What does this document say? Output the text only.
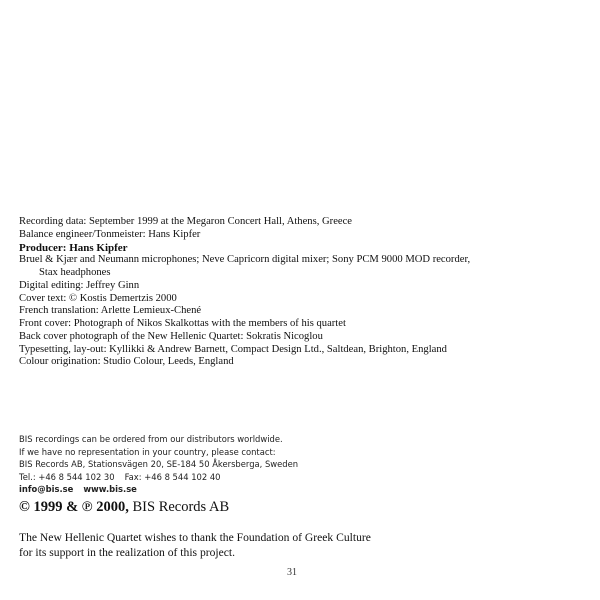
Recording data: September 1999 at the Megaron Concert Hall, Athens, Greece
Balance engineer/Tonmeister: Hans Kipfer
Producer: Hans Kipfer
Bruel & Kjær and Neumann microphones; Neve Capricorn digital mixer; Sony PCM 9000 MOD recorder,
Stax headphones
Digital editing: Jeffrey Ginn
Cover text: © Kostis Demertzis 2000
French translation: Arlette Lemieux-Chené
Front cover: Photograph of Nikos Skalkottas with the members of his quartet
Back cover photograph of the New Hellenic Quartet: Sokratis Nicoglou
Typesetting, lay-out: Kyllikki & Andrew Barnett, Compact Design Ltd., Saltdean, Brighton, England
Colour origination: Studio Colour, Leeds, England
BIS recordings can be ordered from our distributors worldwide.
If we have no representation in your country, please contact:
BIS Records AB, Stationsvägen 20, SE-184 50 Åkersberga, Sweden
Tel.: +46 8 544 102 30 Fax: +46 8 544 102 40
info@bis.se www.bis.se
© 1999 & ℗ 2000, BIS Records AB
The New Hellenic Quartet wishes to thank the Foundation of Greek Culture
for its support in the realization of this project.
31
